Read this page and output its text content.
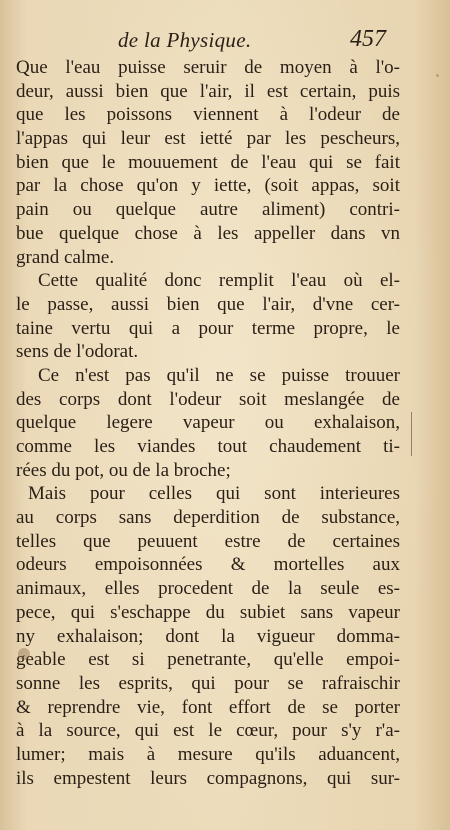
de la Physique.	457
Que l'eau puisse seruir de moyen à l'o-
deur, aussi bien que l'air, il est certain, puis
que les poissons viennent à l'odeur de
l'appas qui leur est ietté par les pescheurs,
bien que le mouuement de l'eau qui se fait
par la chose qu'on y iette, (soit appas, soit
pain ou quelque autre aliment) contri-
bue quelque chose à les appeller dans vn
grand calme.
Cette qualité donc remplit l'eau où el-
le passe, aussi bien que l'air, d'vne cer-
taine vertu qui a pour terme propre, le
sens de l'odorat.
Ce n'est pas qu'il ne se puisse trouuer
des corps dont l'odeur soit meslangée de
quelque legere vapeur ou exhalaison,
comme les viandes tout chaudement ti-
rées du pot, ou de la broche;
Mais pour celles qui sont interieures
au corps sans deperdition de substance,
telles que peuuent estre de certaines
odeurs empoisonnées & mortelles aux
animaux, elles procedent de la seule es-
pece, qui s'eschappe du subiet sans vapeur
ny exhalaison; dont la vigueur domma-
geable est si penetrante, qu'elle empoi-
sonne les esprits, qui pour se rafraischir
& reprendre vie, font effort de se porter
à la source, qui est le cœur, pour s'y r'a-
lumer; mais à mesure qu'ils aduancent,
ils empestent leurs compagnons, qui sur-
